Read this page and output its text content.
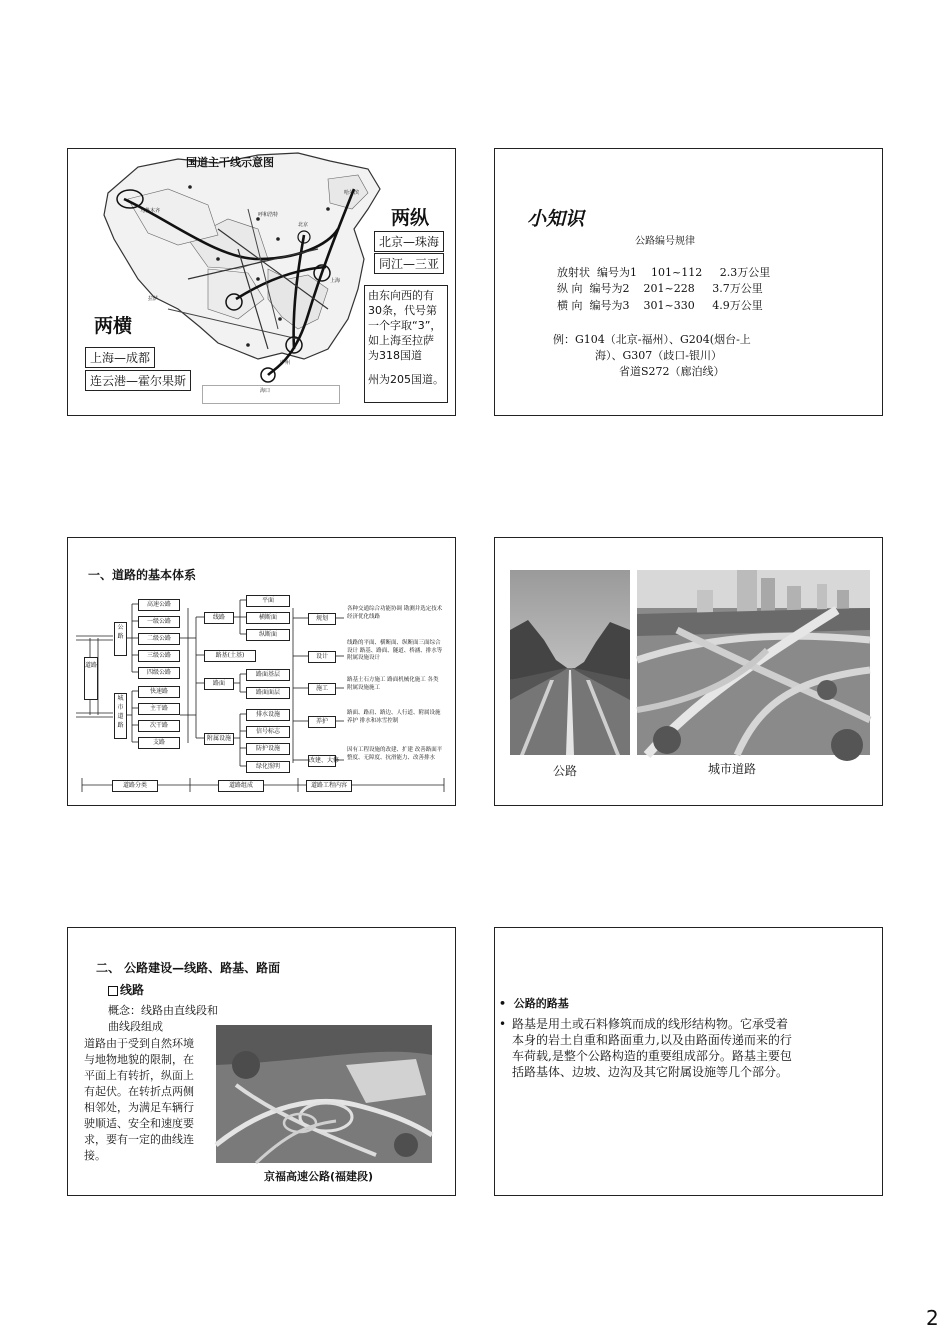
国道主干线示意图
乌鲁木齐
呼和浩特
北京
哈尔滨
拉萨
上海
广州
海口
两纵
两横
北京—珠海
同江—三亚
上海—成都
连云港—霍尔果斯
由东向西的有30条，代号第一个字取“3”，如上海至拉萨为318国道
州为205国道。
小知识
公路编号规律
放射状 编号为1 101~112 2.3万公里
纵 向 编号为2 201~228 3.7万公里
横 向 编号为3 301~330 4.9万公里
例：G104（北京-福州）、G204(烟台-上
海）、G307（歧口-银川）
省道S272（廊泊线）
一、道路的基本体系
道路
公路
城市道路
高速公路
一级公路
二级公路
三级公路
四级公路
快速路
主干路
次干路
支路
线路
路基(土基)
路面
附属设施
平面
横断面
纵断面
路面基层
路面面层
排水设施
信号标志
防护设施
绿化照明
规划
设计
施工
养护
改建、大修
各种交通综合功能协调 勘测并选定技术经济优化线路
线路的平面、横断面、纵断面三面综合设计 路基、路面、隧道、桥涵、排水等附属设施设计
路基土石方施工 路面机械化施工 各类附属设施施工
路面、路肩、路边、人行道、附属设施养护 排水和冰雪控制
因有工程设施的改建、扩建 改善路面平整度、无障度、抗滑能力、改善排水
道路分类	道路组成	道路工程内容
公路	城市道路
二、 公路建设—线路、路基、路面
线路
概念：线路由直线段和
曲线段组成
道路由于受到自然环境
与地物地貌的限制，在
平面上有转折，纵面上
有起伏。在转折点两侧
相邻处，为满足车辆行
驶顺适、安全和速度要
求，要有一定的曲线连
接。
京福高速公路(福建段)
•  公路的路基
• 路基是用土或石料修筑而成的线形结构物。它承受着
本身的岩土自重和路面重力,以及由路面传递而来的行
车荷载,是整个公路构造的重要组成部分。路基主要包
括路基体、边坡、边沟及其它附属设施等几个部分。
2
